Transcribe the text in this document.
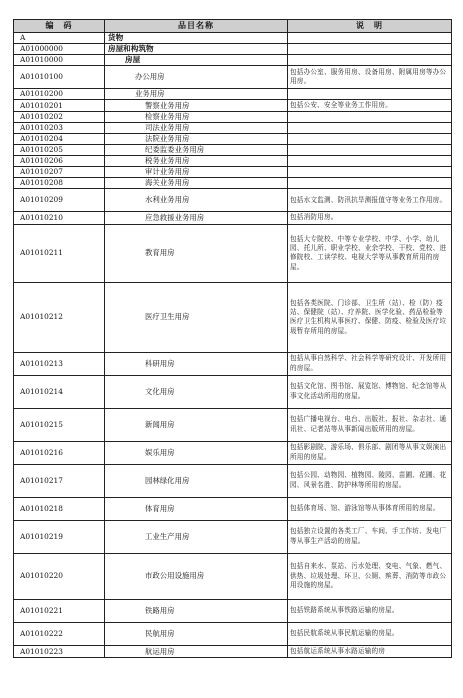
编　码	品目名称	说　明
A	货物	
A01000000	房屋和构筑物	
A01010000	房屋	
A01010100	办公用房	包括办公室、服务用房、设备用房、附属用房等办公用房。
A01010200	业务用房	
A01010201	警察业务用房	包括公安、安全等业务工作用房。
A01010202	检察业务用房	
A01010203	司法业务用房	
A01010204	法院业务用房	
A01010205	纪委监委业务用房	
A01010206	税务业务用房	
A01010207	审计业务用房	
A01010208	海关业务用房	
A01010209	水利业务用房	包括水文监测、防汛抗旱测报值守等业务工作用房。
A01010210	应急救援业务用房	包括消防用房。
A01010211	教育用房	包括大专院校、中等专业学校、中学、小学、幼儿园、托儿所、职业学校、业余学校、干校、党校、进修院校、工读学校、电视大学等从事教育所用的房屋。
A01010212	医疗卫生用房	包括各类医院、门诊部、卫生所（站）、检（防）疫站、保健院（站）、疗养院、医学化验、药品检验等医疗卫生机构从事医疗、保健、防疫、检验及医疗垃圾暂存所用的房屋。
A01010213	科研用房	包括从事自然科学、社会科学等研究设计、开发所用的房屋。
A01010214	文化用房	包括文化馆、图书馆、展览馆、博物馆、纪念馆等从事文化活动所用的房屋。
A01010215	新闻用房	包括广播电视台、电台、出版社、报社、杂志社、通讯社、记者站等从事新闻出版所用的房屋。
A01010216	娱乐用房	包括影剧院、游乐场、俱乐部、剧团等从事文娱演出所用的房屋。
A01010217	园林绿化用房	包括公园、动物园、植物园、陵园、苗圃、花圃、花园、风景名胜、防护林等所用的房屋。
A01010218	体育用房	包括体育场、馆、游泳馆等从事体育所用的房屋。
A01010219	工业生产用房	包括独立设置的各类工厂、车间、手工作坊、发电厂等从事生产活动的房屋。
A01010220	市政公用设施用房	包括自来水、泵站、污水处理、变电、气象、燃气、供热、垃圾处理、环卫、公厕、殡葬、消防等市政公用设施的房屋。
A01010221	铁路用房	包括铁路系统从事铁路运输的房屋。
A01010222	民航用房	包括民航系统从事民航运输的房屋。
A01010223	航运用房	包括航运系统从事水路运输的房
